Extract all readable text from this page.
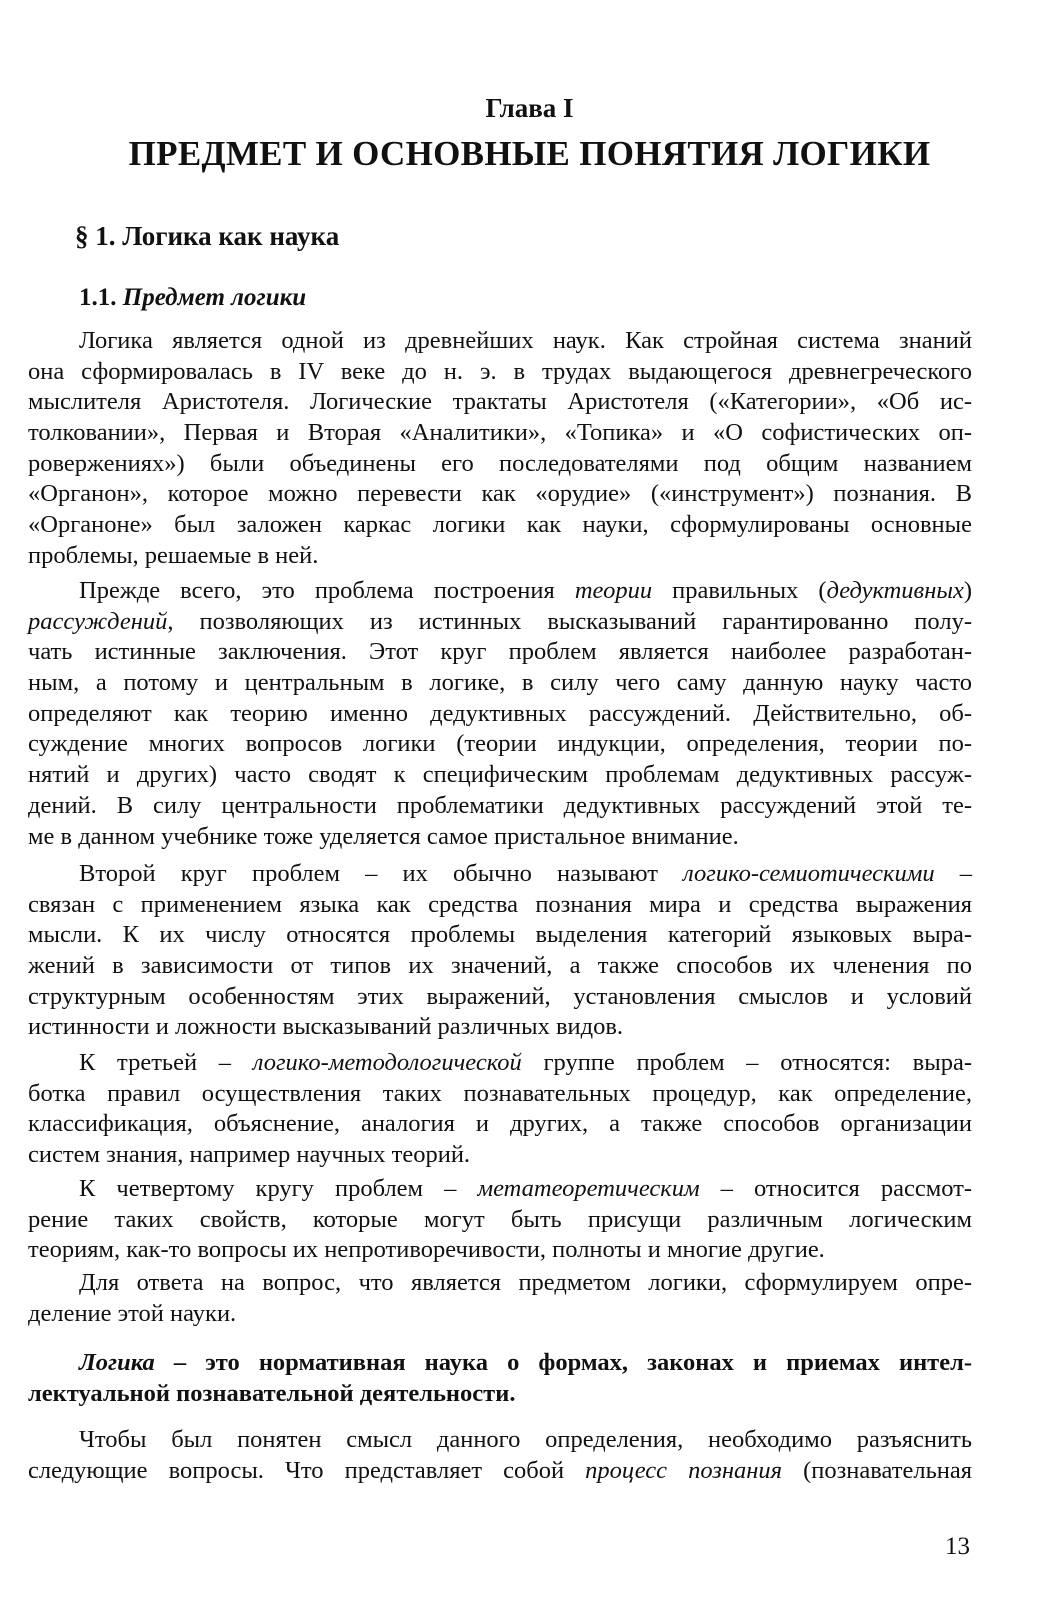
Глава I
ПРЕДМЕТ И ОСНОВНЫЕ ПОНЯТИЯ ЛОГИКИ
§ 1. Логика как наука
1.1. Предмет логики
Логика является одной из древнейших наук. Как стройная система знаний
она сформировалась в IV веке до н. э. в трудах выдающегося древнегреческого
мыслителя Аристотеля. Логические трактаты Аристотеля («Категории», «Об ис-
толковании», Первая и Вторая «Аналитики», «Топика» и «О софистических оп-
ровержениях») были объединены его последователями под общим названием
«Органон», которое можно перевести как «орудие» («инструмент») познания. В
«Органоне» был заложен каркас логики как науки, сформулированы основные
проблемы, решаемые в ней.
Прежде всего, это проблема построения теории правильных (дедуктивных)
рассуждений, позволяющих из истинных высказываний гарантированно полу-
чать истинные заключения. Этот круг проблем является наиболее разработан-
ным, а потому и центральным в логике, в силу чего саму данную науку часто
определяют как теорию именно дедуктивных рассуждений. Действительно, об-
суждение многих вопросов логики (теории индукции, определения, теории по-
нятий и других) часто сводят к специфическим проблемам дедуктивных рассуж-
дений. В силу центральности проблематики дедуктивных рассуждений этой те-
ме в данном учебнике тоже уделяется самое пристальное внимание.
Второй круг проблем – их обычно называют логико-семиотическими –
связан с применением языка как средства познания мира и средства выражения
мысли. К их числу относятся проблемы выделения категорий языковых выра-
жений в зависимости от типов их значений, а также способов их членения по
структурным особенностям этих выражений, установления смыслов и условий
истинности и ложности высказываний различных видов.
К третьей – логико-методологической группе проблем – относятся: выра-
ботка правил осуществления таких познавательных процедур, как определение,
классификация, объяснение, аналогия и других, а также способов организации
систем знания, например научных теорий.
К четвертому кругу проблем – метатеоретическим – относится рассмот-
рение таких свойств, которые могут быть присущи различным логическим
теориям, как-то вопросы их непротиворечивости, полноты и многие другие.
Для ответа на вопрос, что является предметом логики, сформулируем опре-
деление этой науки.
Логика – это нормативная наука о формах, законах и приемах интел-
лектуальной познавательной деятельности.
Чтобы был понятен смысл данного определения, необходимо разъяснить
следующие вопросы. Что представляет собой процесс познания (познавательная
13
